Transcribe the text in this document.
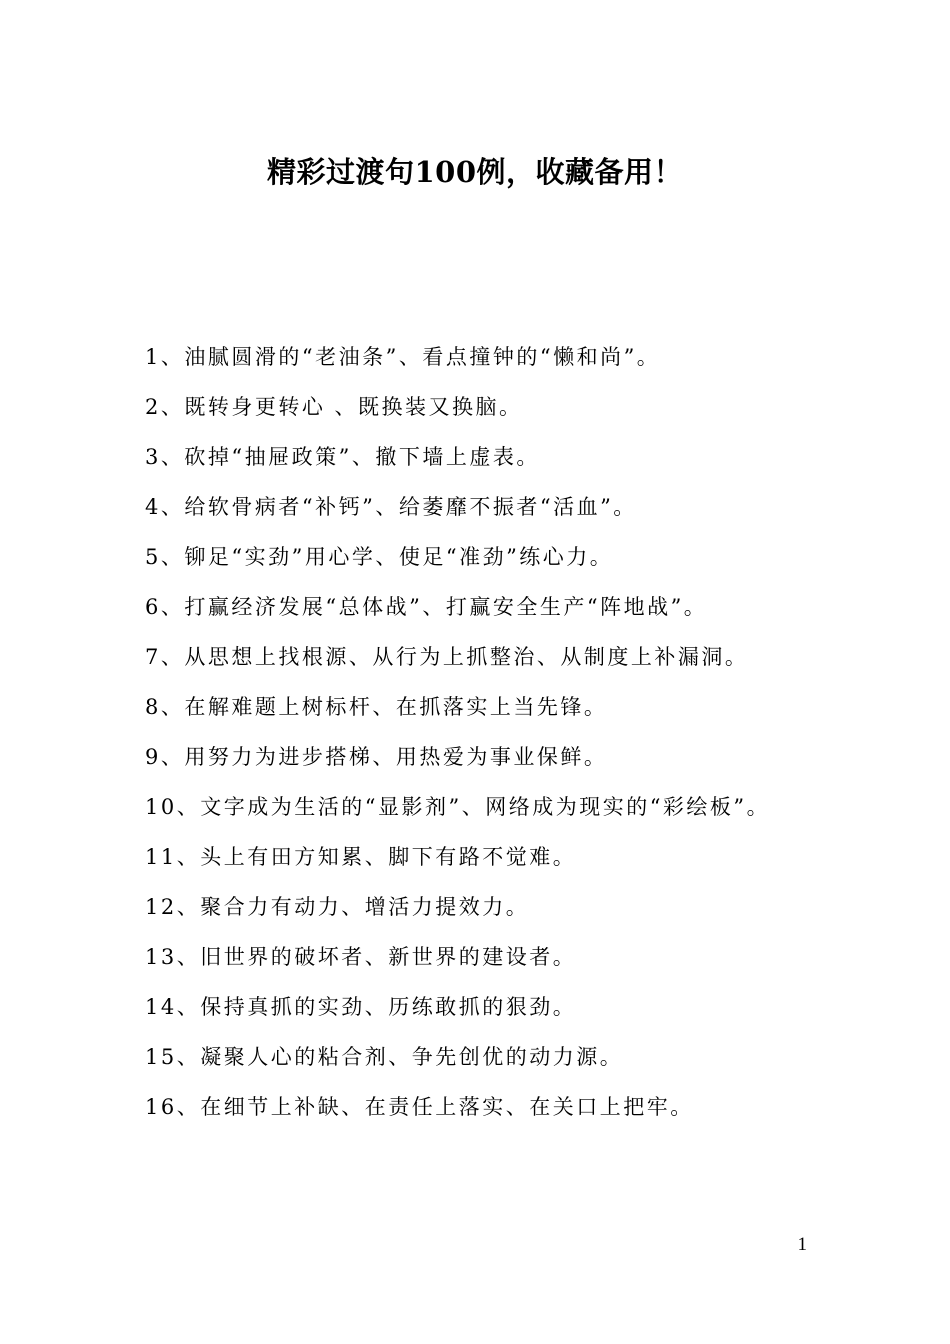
精彩过渡句100例，收藏备用！
1、油腻圆滑的“老油条”、看点撞钟的“懒和尚”。
2、既转身更转心 、既换装又换脑。
3、砍掉“抽屉政策”、撤下墙上虚表。
4、给软骨病者“补钙”、给萎靡不振者“活血”。
5、铆足“实劲”用心学、使足“准劲”练心力。
6、打赢经济发展“总体战”、打赢安全生产“阵地战”。
7、从思想上找根源、从行为上抓整治、从制度上补漏洞。
8、在解难题上树标杆、在抓落实上当先锋。
9、用努力为进步搭梯、用热爱为事业保鲜。
10、文字成为生活的“显影剂”、网络成为现实的“彩绘板”。
11、头上有田方知累、脚下有路不觉难。
12、聚合力有动力、增活力提效力。
13、旧世界的破坏者、新世界的建设者。
14、保持真抓的实劲、历练敢抓的狠劲。
15、凝聚人心的粘合剂、争先创优的动力源。
16、在细节上补缺、在责任上落实、在关口上把牢。
1
